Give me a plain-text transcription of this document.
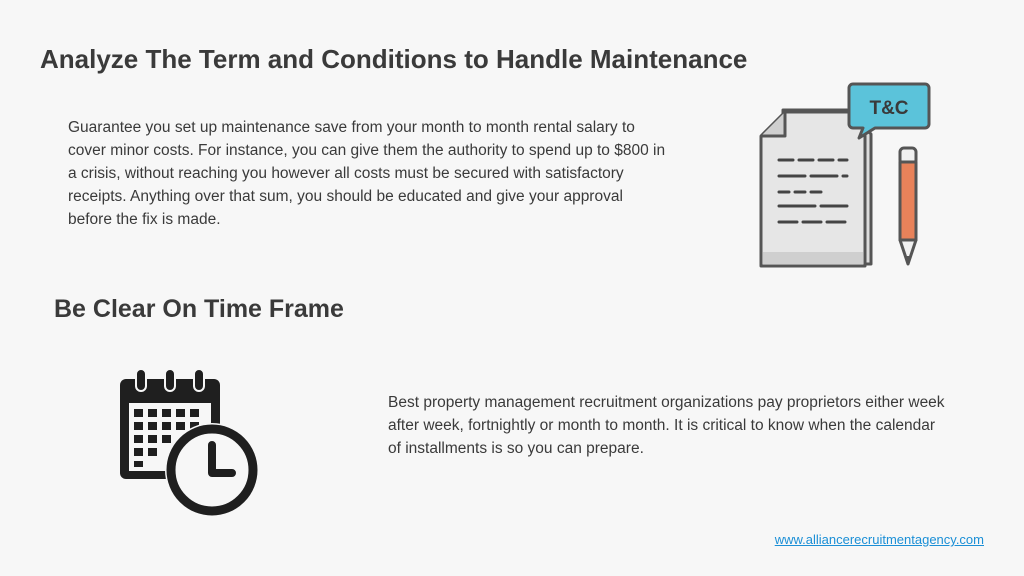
Analyze The Term and Conditions to Handle Maintenance

Guarantee you set up maintenance save from your month to month rental salary to cover minor costs. For instance, you can give them the authority to spend up to $800 in a crisis, without reaching you however all costs must be secured with satisfactory receipts. Anything over that sum, you should be educated and give your approval before the fix is made.

T&C
Be Clear On Time Frame

Best property management recruitment organizations pay proprietors either week after week, fortnightly or month to month. It is critical to know when the calendar of installments is so you can prepare.

www.alliancerecruitmentagency.com
